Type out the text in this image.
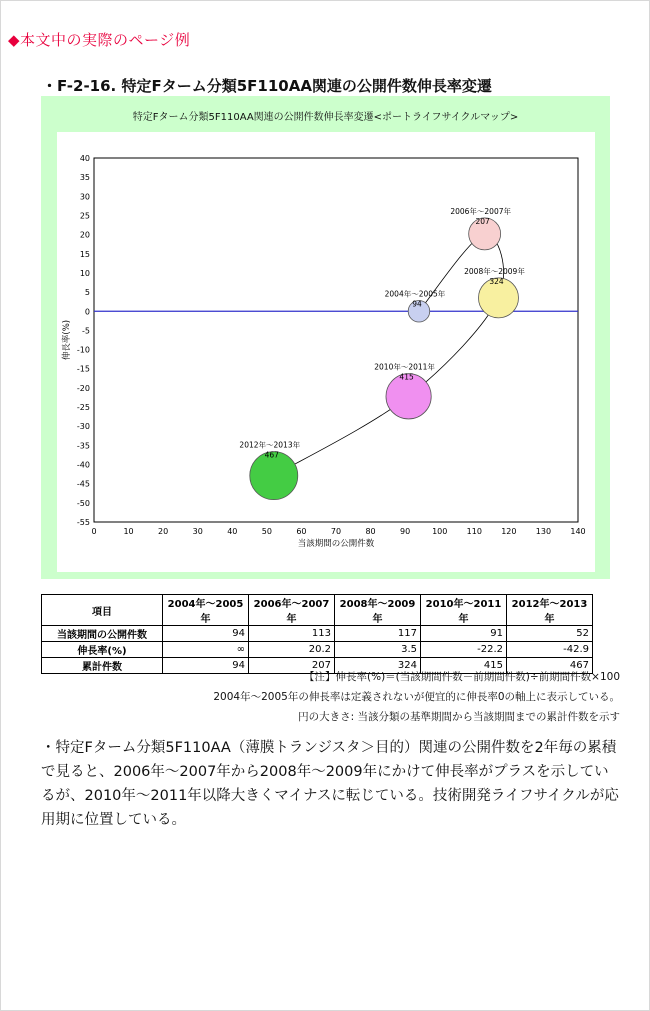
◆本文中の実際のページ例
・F-2-16. 特定Fターム分類5F110AA関連の公開件数伸長率変遷
特定Fターム分類5F110AA関連の公開件数伸長率変遷<ポートライフサイクルマップ>
0	10	20	30	40	50	60	70	80	90	100 110 120 130 140
40
35
30
25
20
15
10
5
0
-5
-10
-15
-20
-25
-30
-35
-40
-45
-50
-55
当該期間の公開件数
伸長率(%)
2004年～2005年
94
2006年～2007年
207
2008年～2009年
324
2010年～2011年
415
2012年～2013年
467
項目	2004年～2005年	2006年～2007年	2008年～2009年	2010年～2011年	2012年～2013年
当該期間の公開件数	94	113	117	91	52
伸長率(%)	∞	20.2	3.5	-22.2	-42.9
累計件数	94	207	324	415	467
【注】伸長率(%)＝(当該期間件数－前期間件数)÷前期間件数×100
2004年～2005年の伸長率は定義されないが便宜的に伸長率0の軸上に表示している。
円の大きさ: 当該分類の基準期間から当該期間までの累計件数を示す
・特定Fターム分類5F110AA（薄膜トランジスタ＞目的）関連の公開件数を2年毎の累積で見ると、2006年～2007年から2008年～2009年にかけて伸長率がプラスを示しているが、2010年～2011年以降大きくマイナスに転じている。技術開発ライフサイクルが応用期に位置している。
